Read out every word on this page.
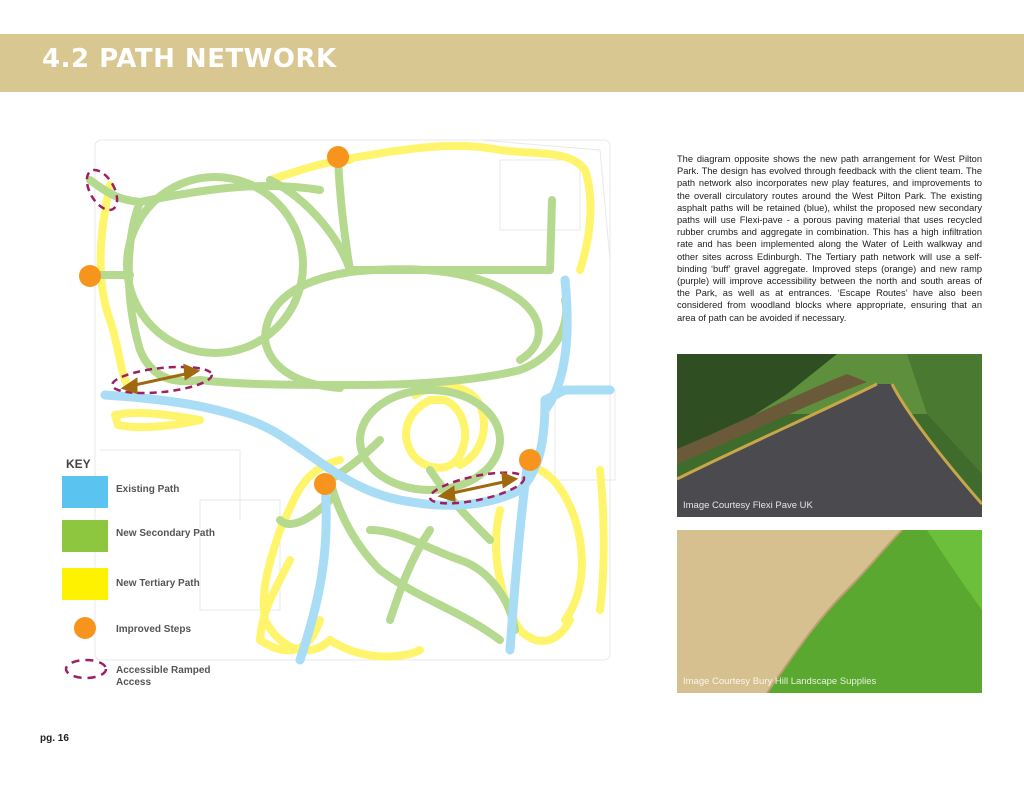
4.2 PATH NETWORK
KEY
Existing Path
New Secondary Path
New Tertiary Path
Improved Steps
Accessible Ramped Access
The diagram opposite shows the new path arrangement for West Pilton Park. The design has evolved through feedback with the client team. The path network also incorporates new play features, and improvements to the overall circulatory routes around the West Pilton Park. The existing asphalt paths will be retained (blue), whilst the proposed new secondary paths will use Flexi-pave - a porous paving material that uses recycled rubber crumbs and aggregate in combination. This has a high infiltration rate and has been implemented along the Water of Leith walkway and other sites across Edinburgh. The Tertiary path network will use a self-binding ‘buff’ gravel aggregate. Improved steps (orange) and new ramp (purple) will improve accessibility between the north and south areas of the Park, as well as at entrances. ‘Escape Routes’ have also been considered from woodland blocks where appropriate, ensuring that an area of path can be avoided if necessary.
Image Courtesy Flexi Pave UK
Image Courtesy Bury Hill Landscape Supplies
pg. 16
